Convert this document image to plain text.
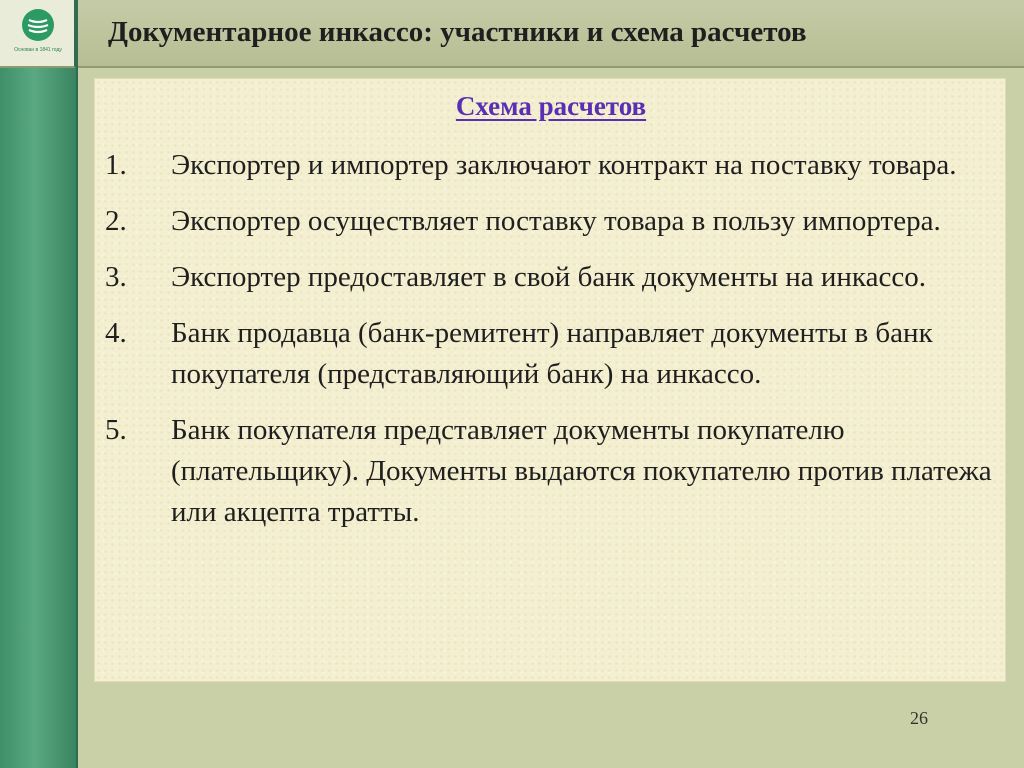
Основан в 1841 году
Документарное инкассо: участники и схема расчетов
Схема расчетов
1.	Экспортер и импортер заключают контракт на поставку товара.
2.	Экспортер осуществляет поставку товара в пользу импортера.
3.	Экспортер предоставляет в свой банк документы на инкассо.
4.	Банк продавца (банк-ремитент) направляет документы в банк покупателя (представляющий банк) на инкассо.
5.	Банк покупателя представляет документы покупателю (плательщику). Документы выдаются покупателю против платежа или акцепта тратты.
26
